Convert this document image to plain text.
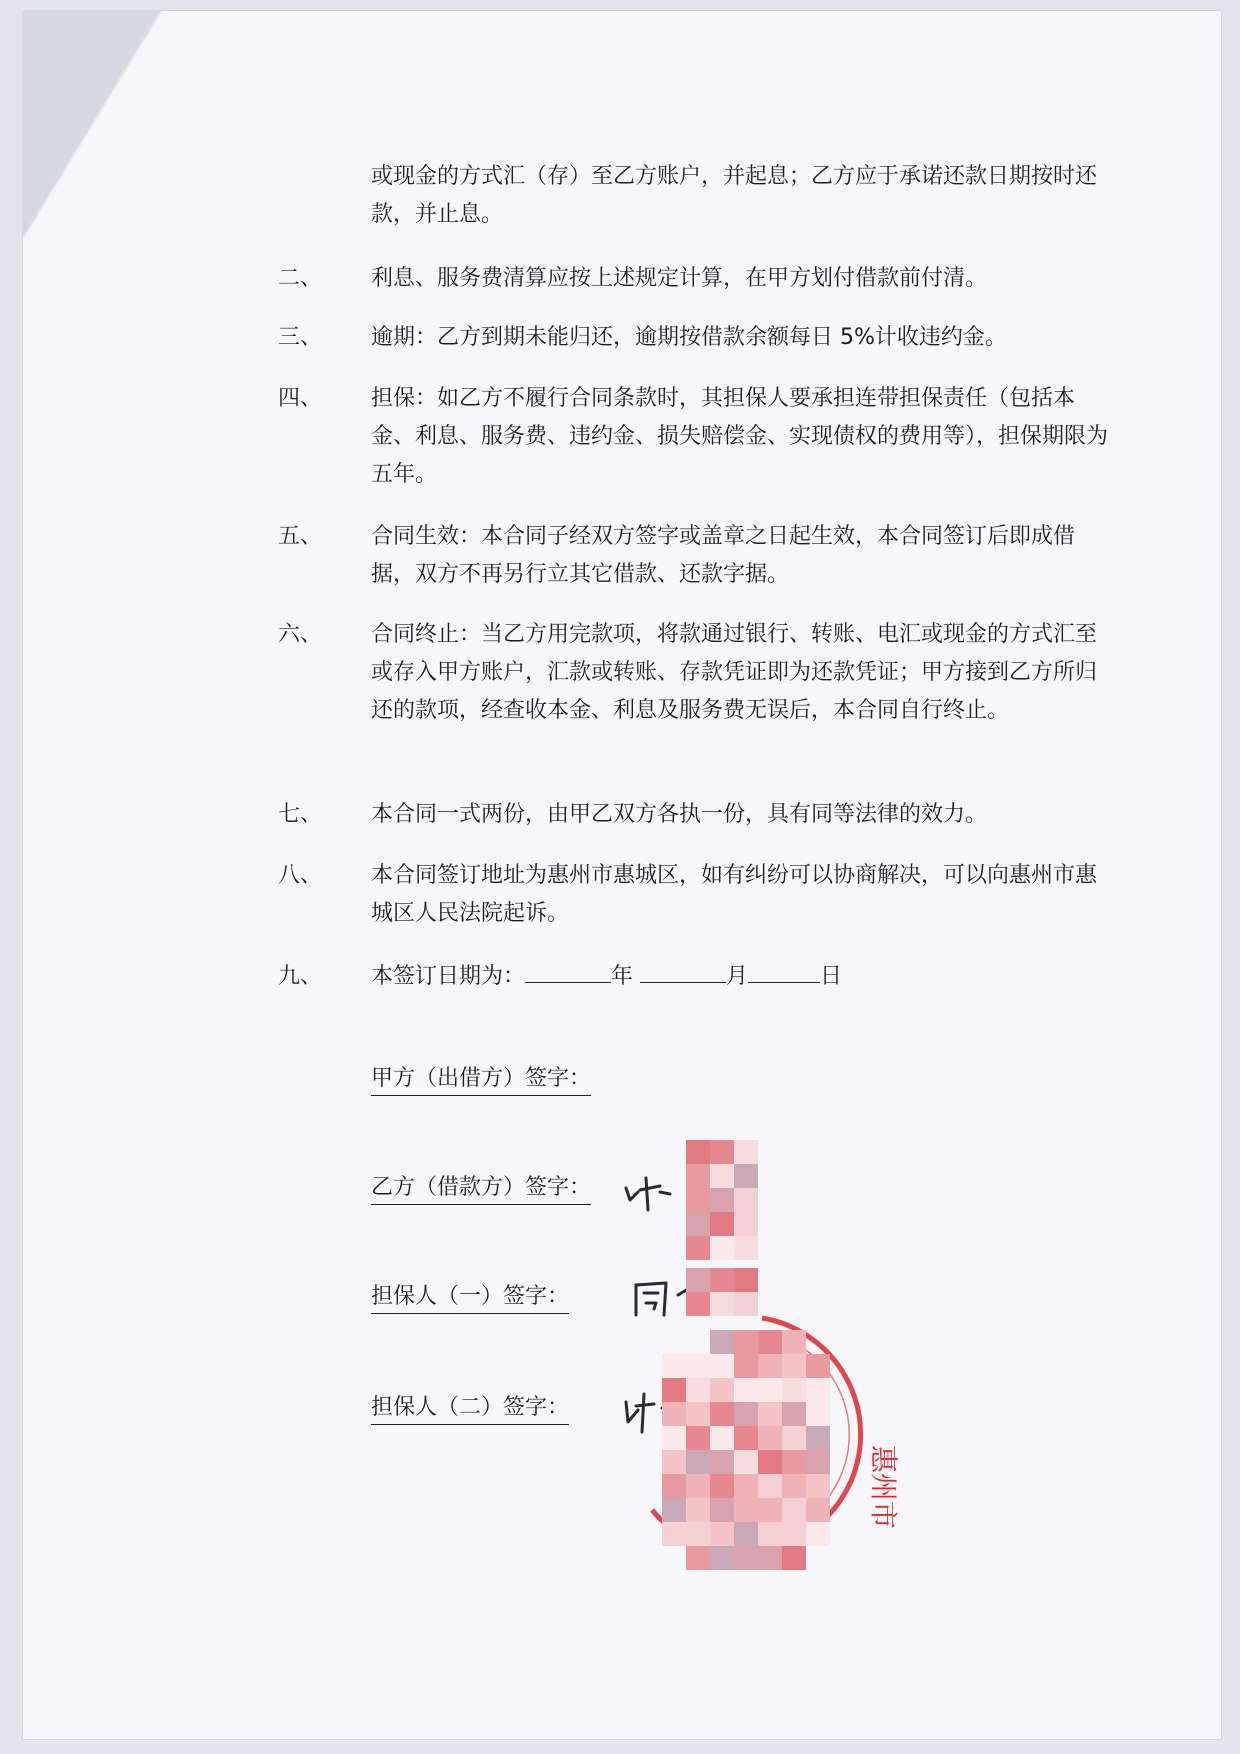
或现金的方式汇（存）至乙方账户，并起息；乙方应于承诺还款日期按时还款，并止息。
二、 利息、服务费清算应按上述规定计算，在甲方划付借款前付清。
三、 逾期：乙方到期未能归还，逾期按借款余额每日 5%计收违约金。
四、 担保：如乙方不履行合同条款时，其担保人要承担连带担保责任（包括本金、利息、服务费、违约金、损失赔偿金、实现债权的费用等），担保期限为五年。
五、 合同生效：本合同子经双方签字或盖章之日起生效，本合同签订后即成借据，双方不再另行立其它借款、还款字据。
六、 合同终止：当乙方用完款项，将款通过银行、转账、电汇或现金的方式汇至或存入甲方账户，汇款或转账、存款凭证即为还款凭证；甲方接到乙方所归还的款项，经查收本金、利息及服务费无误后，本合同自行终止。
七、 本合同一式两份，由甲乙双方各执一份，具有同等法律的效力。
八、 本合同签订地址为惠州市惠城区，如有纠纷可以协商解决，可以向惠州市惠城区人民法院起诉。
九、 本签订日期为：	年	月	日
甲方（出借方）签字：
乙方（借款方）签字：
担保人（一）签字：
担保人（二）签字：
惠州市
